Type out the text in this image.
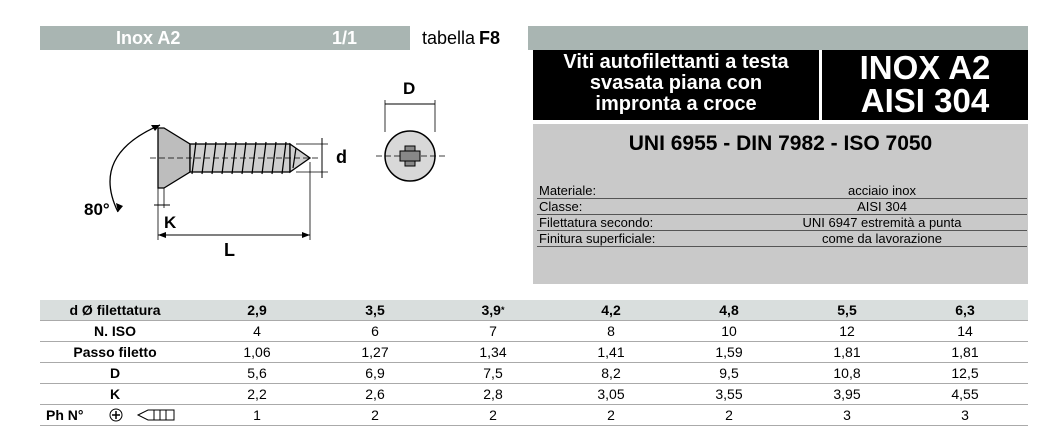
Inox A2	1/1	tabella F8
Viti autofilettanti a testa
svasata piana con
impronta a croce
INOX A2
AISI 304
UNI 6955 - DIN 7982 - ISO 7050
Materiale:	acciaio inox
Classe:	AISI 304
Filettatura secondo:	UNI 6947 estremità a punta
Finitura superficiale:	come da lavorazione
80°
d
K
L
D
d Ø filettatura	2,9	3,5	3,9*	4,2	4,8	5,5	6,3
N. ISO	4	6	7	8	10	12	14
Passo filetto	1,06	1,27	1,34	1,41	1,59	1,81	1,81
D	5,6	6,9	7,5	8,2	9,5	10,8	12,5
K	2,2	2,6	2,8	3,05	3,55	3,95	4,55
Ph N°	1	2	2	2	2	3	3
